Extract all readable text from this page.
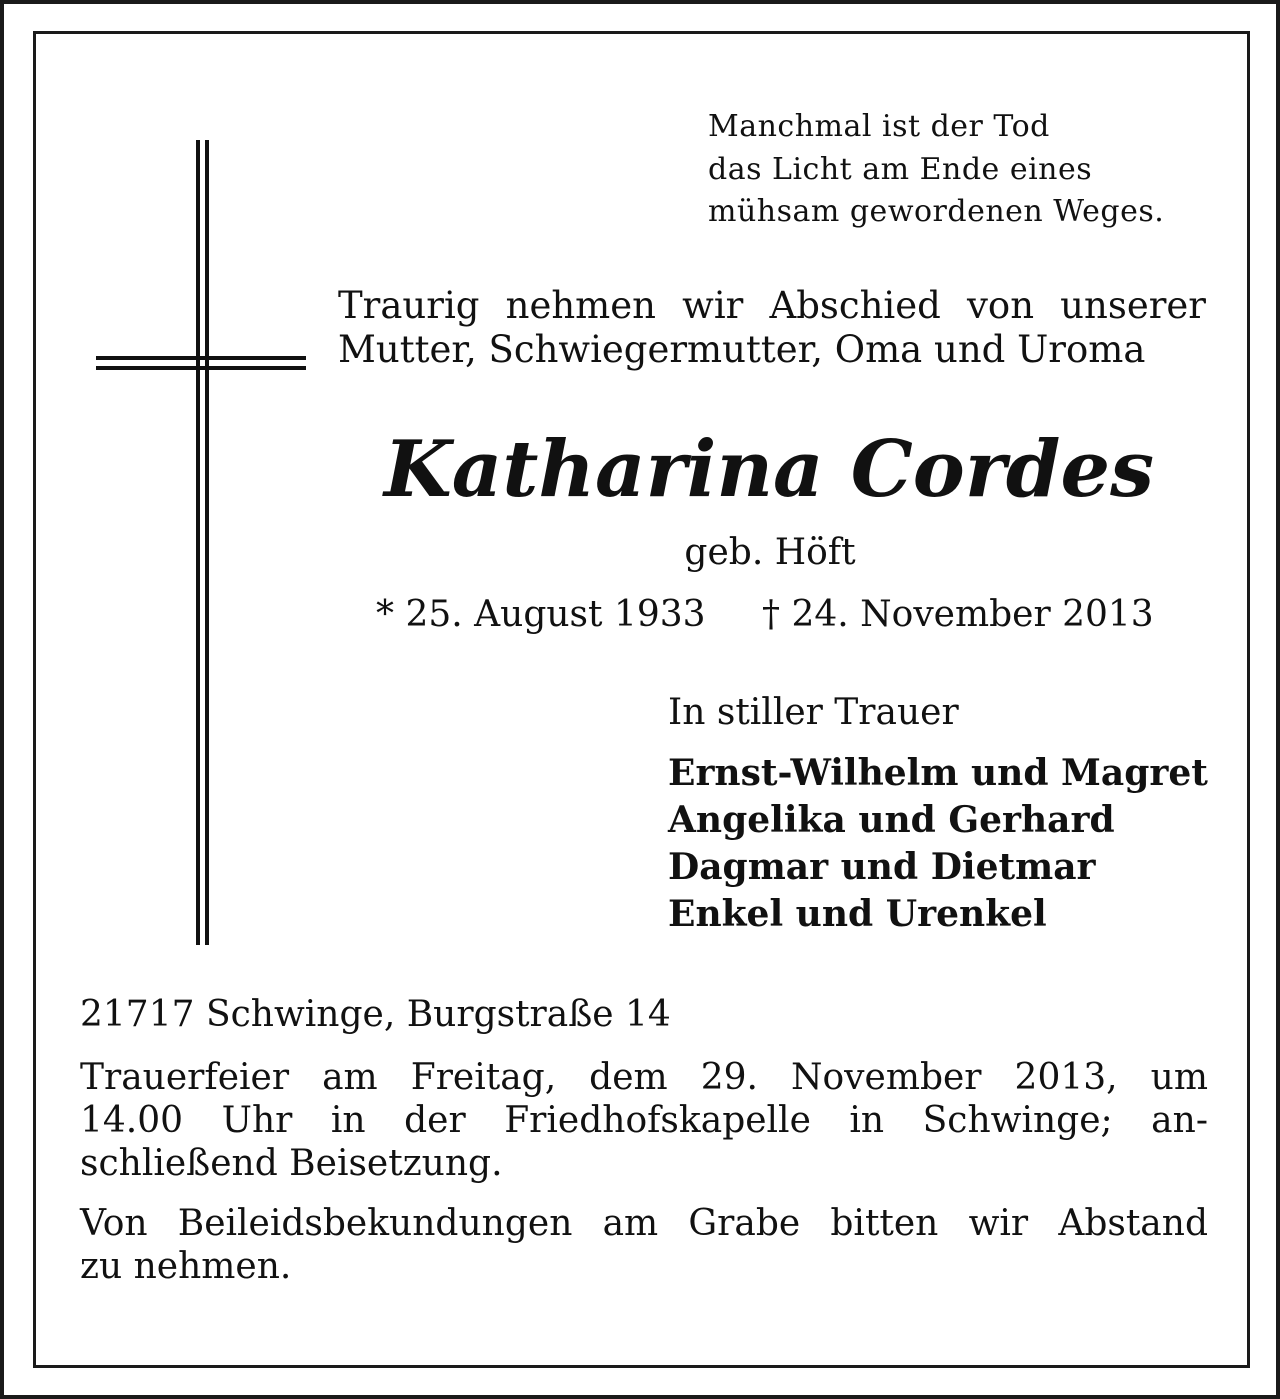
Manchmal ist der Tod
das Licht am Ende eines
mühsam gewordenen Weges.
Traurig nehmen wir Abschied von unserer
Mutter, Schwiegermutter, Oma und Uroma
Katharina Cordes
geb. Höft
* 25. August 1933 † 24. November 2013
In stiller Trauer
Ernst-Wilhelm und Magret
Angelika und Gerhard
Dagmar und Dietmar
Enkel und Urenkel
21717 Schwinge, Burgstraße 14
Trauerfeier am Freitag, dem 29. November 2013, um
14.00 Uhr in der Friedhofskapelle in Schwinge; an-
schließend Beisetzung.
Von Beileidsbekundungen am Grabe bitten wir Abstand
zu nehmen.
